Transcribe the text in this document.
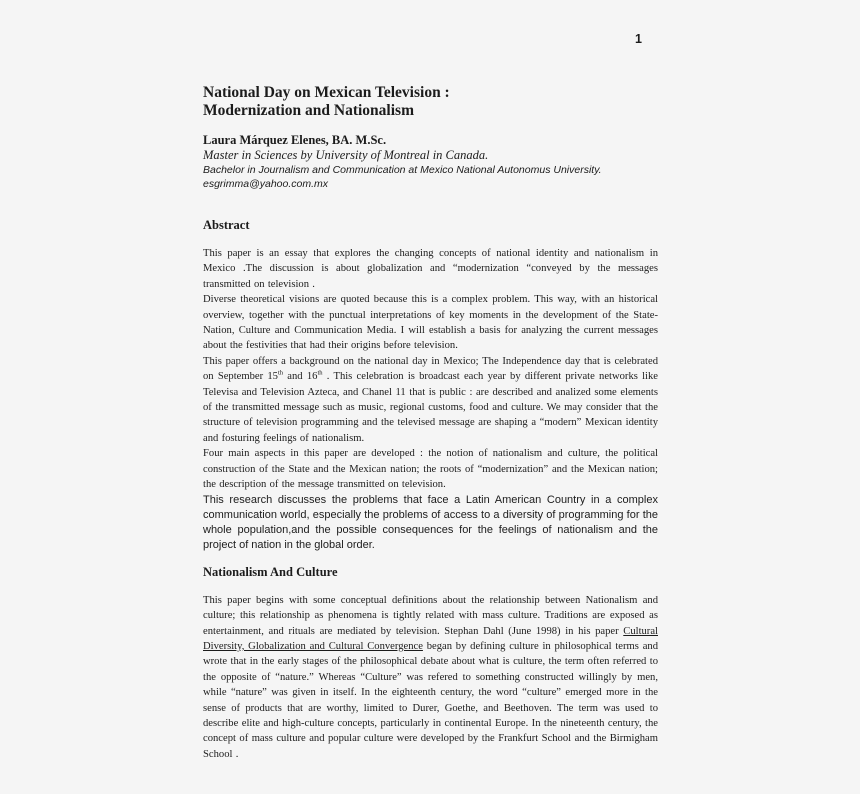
1
National Day on Mexican Television :
Modernization and Nationalism
Laura Márquez Elenes, BA. M.Sc.
Master in Sciences by University of Montreal in Canada.
Bachelor in Journalism and Communication at Mexico National Autonomus University.
esgrimma@yahoo.com.mx
Abstract

This paper is an essay that explores the changing concepts of national identity and nationalism in Mexico .The discussion is about globalization and “modernization “conveyed by the messages transmitted on television .

Diverse theoretical visions are quoted because this is a complex problem. This way, with an historical overview, together with the punctual interpretations of key moments in the development of the State-Nation, Culture and Communication Media. I will establish a basis for analyzing the current messages about the festivities that had their origins before television.

This paper offers a background on the national day in Mexico; The Independence day that is celebrated on September 15th and 16th . This celebration is broadcast each year by different private networks like Televisa and Television Azteca, and Chanel 11 that is public : are described and analized some elements of the transmitted message such as music, regional customs, food and culture. We may consider that the structure of television programming and the televised message are shaping a “modern” Mexican identity and fosturing feelings of nationalism.

Four main aspects in this paper are developed : the notion of nationalism and culture, the political construction of the State and the Mexican nation; the roots of “modernization” and the Mexican nation; the description of the message transmitted on television.

This research discusses the problems that face a Latin American Country in a complex communication world, especially the problems of access to a diversity of programming for the whole population,and the possible consequences for the feelings of nationalism and the project of nation in the global order.

Nationalism And Culture

This paper begins with some conceptual definitions about the relationship between Nationalism and culture; this relationship as phenomena is tightly related with mass culture. Traditions are exposed as entertainment, and rituals are mediated by television. Stephan Dahl (June 1998) in his paper Cultural Diversity, Globalization and Cultural Convergence began by defining culture in philosophical terms and wrote that in the early stages of the philosophical debate about what is culture, the term often referred to the opposite of “nature.” Whereas “Culture” was refered to something constructed willingly by men, while “nature” was given in itself. In the eighteenth century, the word “culture” emerged more in the sense of products that are worthy, limited to Durer, Goethe, and Beethoven. The term was used to describe elite and high-culture concepts, particularly in continental Europe. In the nineteenth century, the concept of mass culture and popular culture were developed by the Frankfurt School and the Birmigham School .
